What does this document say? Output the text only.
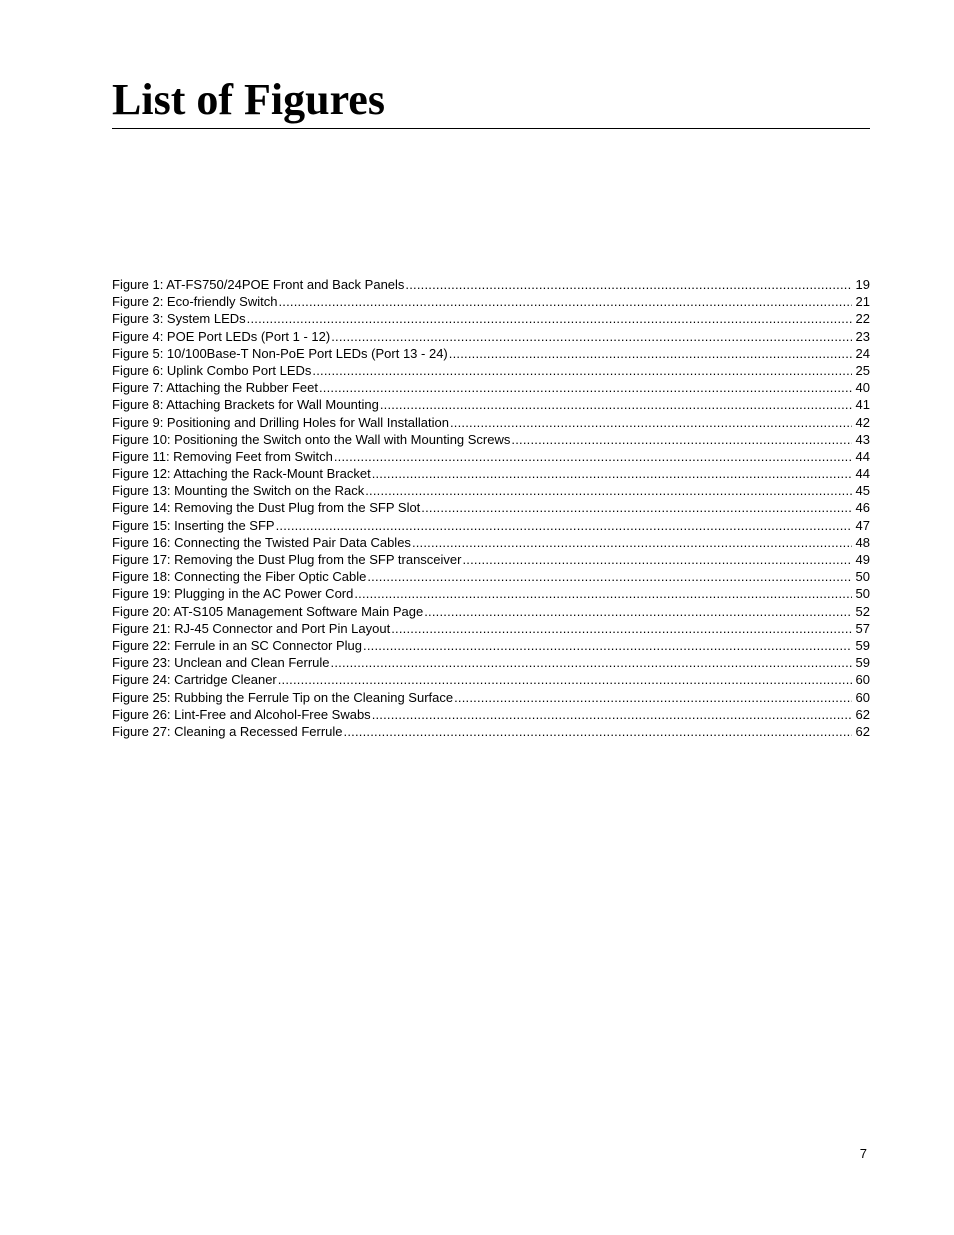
List of Figures
Figure 1: AT-FS750/24POE Front and Back Panels .....	19
Figure 2: Eco-friendly Switch .....	21
Figure 3: System LEDs .....	22
Figure 4: POE Port LEDs (Port 1 - 12) .....	23
Figure 5: 10/100Base-T Non-PoE Port LEDs (Port 13 - 24) .....	24
Figure 6: Uplink Combo Port LEDs .....	25
Figure 7: Attaching the Rubber Feet .....	40
Figure 8: Attaching Brackets for Wall Mounting .....	41
Figure 9: Positioning and Drilling Holes for Wall Installation .....	42
Figure 10: Positioning the Switch onto the Wall with Mounting Screws .....	43
Figure 11: Removing Feet from Switch .....	44
Figure 12: Attaching the Rack-Mount Bracket .....	44
Figure 13: Mounting the Switch on the Rack .....	45
Figure 14: Removing the Dust Plug from the SFP Slot .....	46
Figure 15: Inserting the SFP .....	47
Figure 16: Connecting the Twisted Pair Data Cables .....	48
Figure 17: Removing the Dust Plug from the SFP transceiver .....	49
Figure 18: Connecting the Fiber Optic Cable .....	50
Figure 19: Plugging in the AC Power Cord .....	50
Figure 20: AT-S105 Management Software Main Page .....	52
Figure 21: RJ-45 Connector and Port Pin Layout .....	57
Figure 22: Ferrule in an SC Connector Plug .....	59
Figure 23: Unclean and Clean Ferrule .....	59
Figure 24: Cartridge Cleaner .....	60
Figure 25: Rubbing the Ferrule Tip on the Cleaning Surface .....	60
Figure 26: Lint-Free and Alcohol-Free Swabs .....	62
Figure 27: Cleaning a Recessed Ferrule .....	62
7
